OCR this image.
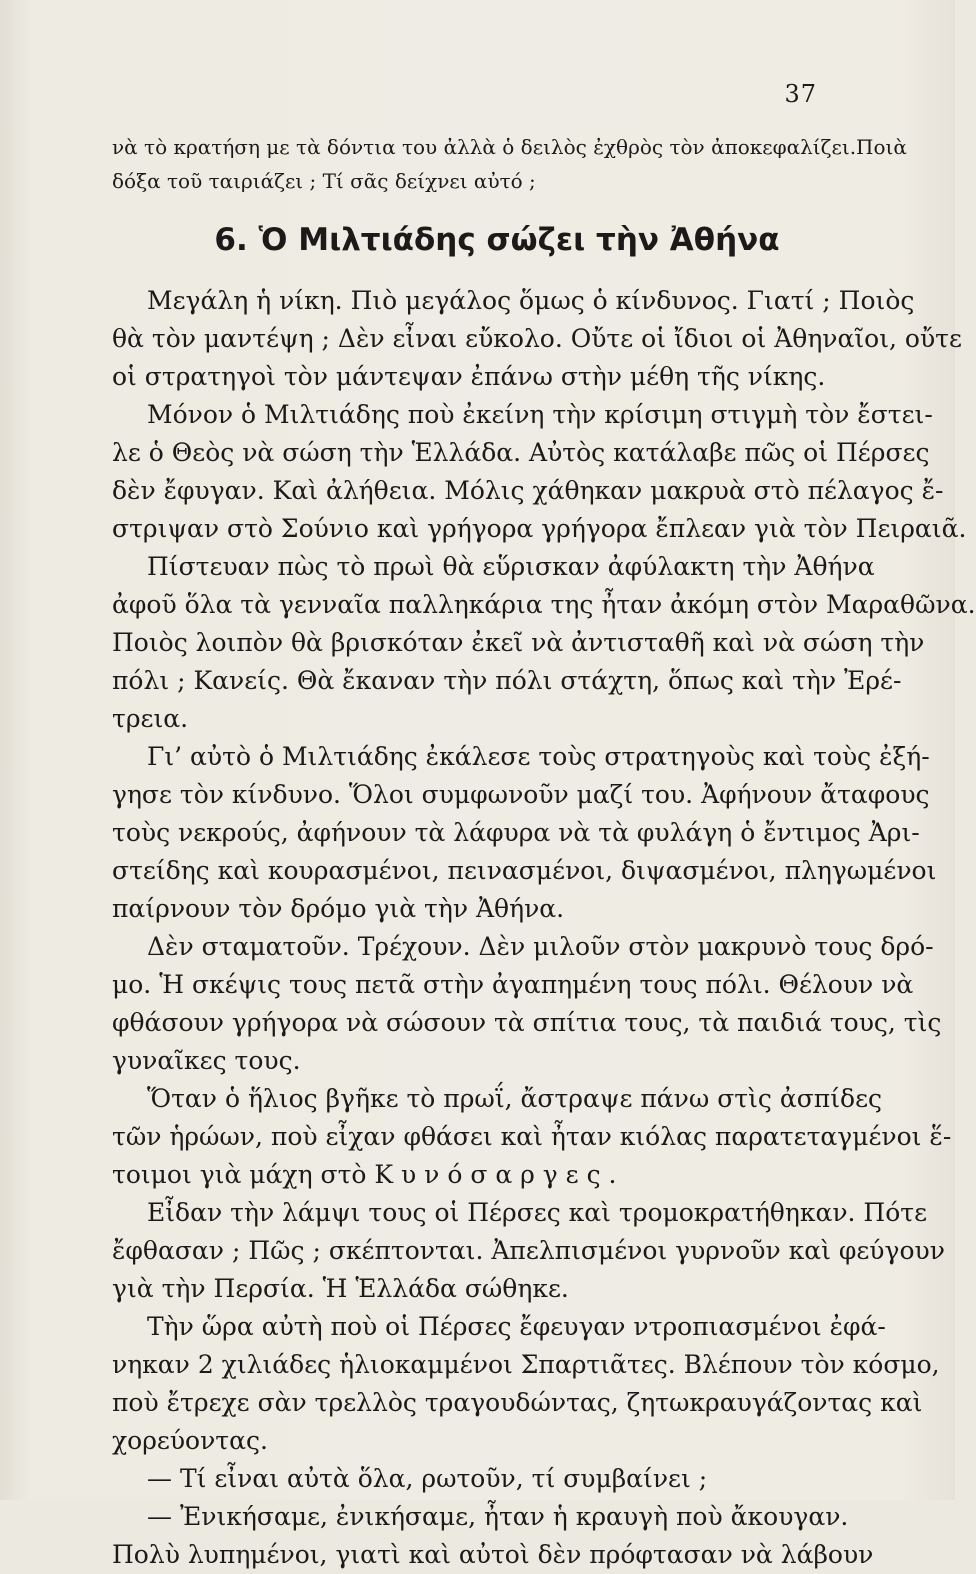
37
νὰ τὸ κρατήση με τὰ δόντια του ἀλλὰ ὁ δειλὸς ἐχθρὸς τὸν ἀποκεφαλίζει.Ποιὰ
δόξα τοῦ ταιριάζει ; Τί σᾶς δείχνει αὐτό ;
6. Ὁ Μιλτιάδης σώζει τὴν Ἀθήνα
Μεγάλη ἡ νίκη. Πιὸ μεγάλος ὅμως ὁ κίνδυνος. Γιατί ; Ποιὸς
θὰ τὸν μαντέψη ; Δὲν εἶναι εὔκολο. Οὔτε οἱ ἴδιοι οἱ Ἀθηναῖοι, οὔτε
οἱ στρατηγοὶ τὸν μάντεψαν ἐπάνω στὴν μέθη τῆς νίκης.
Μόνον ὁ Μιλτιάδης ποὺ ἐκείνη τὴν κρίσιμη στιγμὴ τὸν ἔστει-
λε ὁ Θεὸς νὰ σώση τὴν Ἑλλάδα. Αὐτὸς κατάλαβε πῶς οἱ Πέρσες
δὲν ἔφυγαν. Καὶ ἀλήθεια. Μόλις χάθηκαν μακρυὰ στὸ πέλαγος ἔ-
στριψαν στὸ Σούνιο καὶ γρήγορα γρήγορα ἔπλεαν γιὰ τὸν Πειραιᾶ.
Πίστευαν πὼς τὸ πρωὶ θὰ εὕρισκαν ἀφύλακτη τὴν Ἀθήνα
ἀφοῦ ὅλα τὰ γενναῖα παλληκάρια της ἦταν ἀκόμη στὸν Μαραθῶνα.
Ποιὸς λοιπὸν θὰ βρισκόταν ἐκεῖ νὰ ἀντισταθῆ καὶ νὰ σώση τὴν
πόλι ; Κανείς. Θὰ ἔκαναν τὴν πόλι στάχτη, ὅπως καὶ τὴν Ἐρέ-
τρεια.
Γι’ αὐτὸ ὁ Μιλτιάδης ἐκάλεσε τοὺς στρατηγοὺς καὶ τοὺς ἐξή-
γησε τὸν κίνδυνο. Ὅλοι συμφωνοῦν μαζί του. Ἀφήνουν ἄταφους
τοὺς νεκρούς, ἀφήνουν τὰ λάφυρα νὰ τὰ φυλάγη ὁ ἔντιμος Ἀρι-
στείδης καὶ κουρασμένοι, πεινασμένοι, διψασμένοι, πληγωμένοι
παίρνουν τὸν δρόμο γιὰ τὴν Ἀθήνα.
Δὲν σταματοῦν. Τρέχουν. Δὲν μιλοῦν στὸν μακρυνὸ τους δρό-
μο. Ἡ σκέψις τους πετᾶ στὴν ἀγαπημένη τους πόλι. Θέλουν νὰ
φθάσουν γρήγορα νὰ σώσουν τὰ σπίτια τους, τὰ παιδιά τους, τὶς
γυναῖκες τους.
Ὅταν ὁ ἥλιος βγῆκε τὸ πρωΐ, ἄστραψε πάνω στὶς ἀσπίδες
τῶν ἡρώων, ποὺ εἶχαν φθάσει καὶ ἦταν κιόλας παρατεταγμένοι ἕ-
τοιμοι γιὰ μάχη στὸ Κ υ ν ό σ α ρ γ ε ς .
Εἶδαν τὴν λάμψι τους οἱ Πέρσες καὶ τρομοκρατήθηκαν. Πότε
ἔφθασαν ; Πῶς ; σκέπτονται. Ἀπελπισμένοι γυρνοῦν καὶ φεύγουν
γιὰ τὴν Περσία. Ἡ Ἑλλάδα σώθηκε.
Τὴν ὥρα αὐτὴ ποὺ οἱ Πέρσες ἔφευγαν ντροπιασμένοι ἐφά-
νηκαν 2 χιλιάδες ἡλιοκαμμένοι Σπαρτιᾶτες. Βλέπουν τὸν κόσμο,
ποὺ ἔτρεχε σὰν τρελλὸς τραγουδώντας, ζητωκραυγάζοντας καὶ
χορεύοντας.
— Τί εἶναι αὐτὰ ὅλα, ρωτοῦν, τί συμβαίνει ;
— Ἐνικήσαμε, ἐνικήσαμε, ἦταν ἡ κραυγὴ ποὺ ἄκουγαν.
Πολὺ λυπημένοι, γιατὶ καὶ αὐτοὶ δὲν πρόφτασαν νὰ λάβουν
